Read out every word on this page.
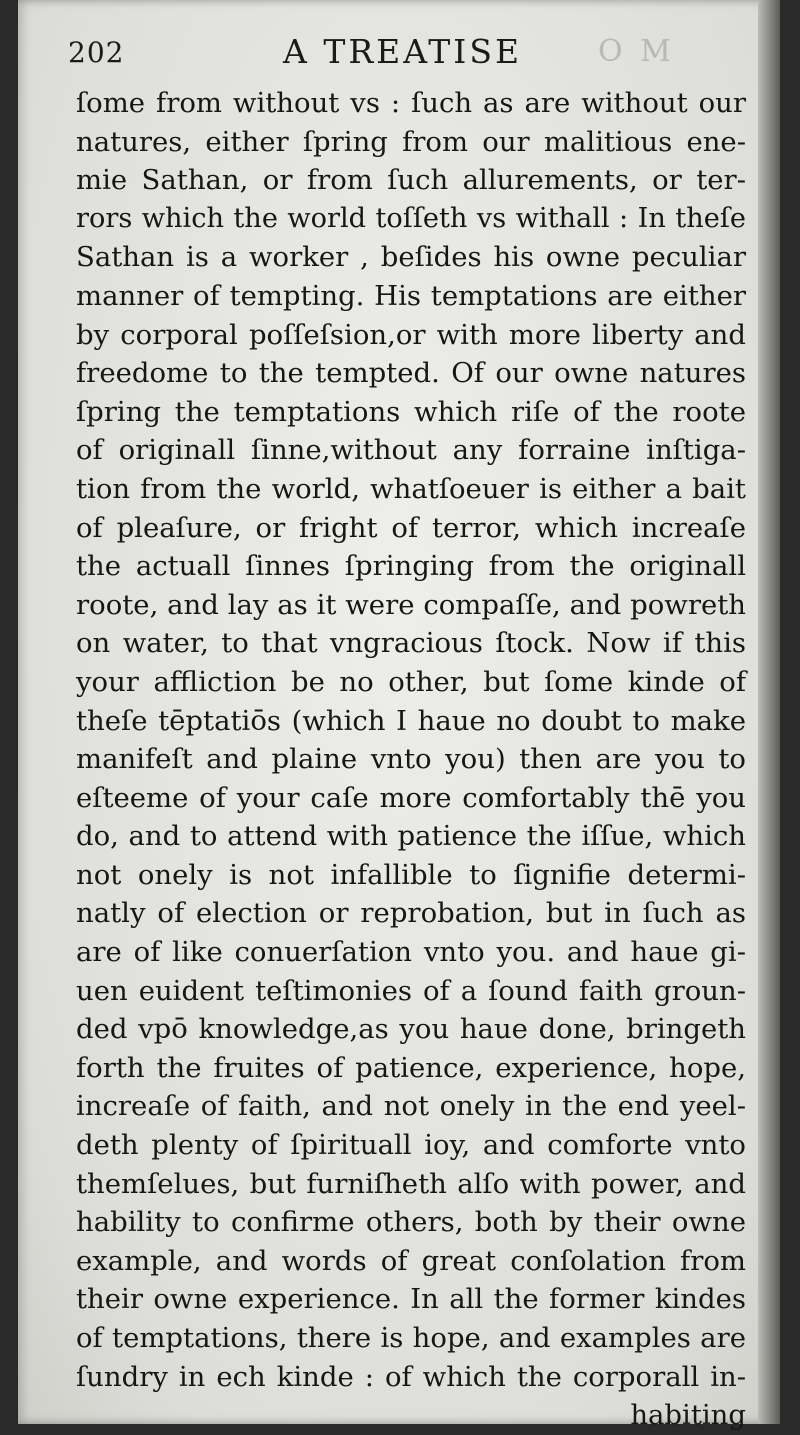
202	A TREATISE	O M
ſome from without vs : ſuch as are without our
natures, either ſpring from our malitious ene-
mie Sathan, or from ſuch allurements, or ter-
rors which the world toſſeth vs withall : In theſe
Sathan is a worker , beſides his owne peculiar
manner of tempting. His temptations are either
by corporal poſſeſsion,or with more liberty and
freedome to the tempted. Of our owne natures
ſpring the temptations which riſe of the roote
of originall ſinne,without any forraine inſtiga-
tion from the world, whatſoeuer is either a bait
of pleaſure, or fright of terror, which increaſe
the actuall ſinnes ſpringing from the originall
roote, and lay as it were compaſſe, and powreth
on water, to that vngracious ſtock. Now if this
your affliction be no other, but ſome kinde of
theſe tēptatiōs (which I haue no doubt to make
manifeſt and plaine vnto you) then are you to
eſteeme of your caſe more comfortably thē you
do, and to attend with patience the iſſue, which
not onely is not infallible to ſignifie determi-
natly of election or reprobation, but in ſuch as
are of like conuerſation vnto you. and haue gi-
uen euident teſtimonies of a ſound faith groun-
ded vpō knowledge,as you haue done, bringeth
forth the fruites of patience, experience, hope,
increaſe of faith, and not onely in the end yeel-
deth plenty of ſpirituall ioy, and comforte vnto
themſelues, but furniſheth alſo with power, and
hability to confirme others, both by their owne
example, and words of great conſolation from
their owne experience. In all the former kindes
of temptations, there is hope, and examples are
ſundry in ech kinde : of which the corporall in-
habiting
